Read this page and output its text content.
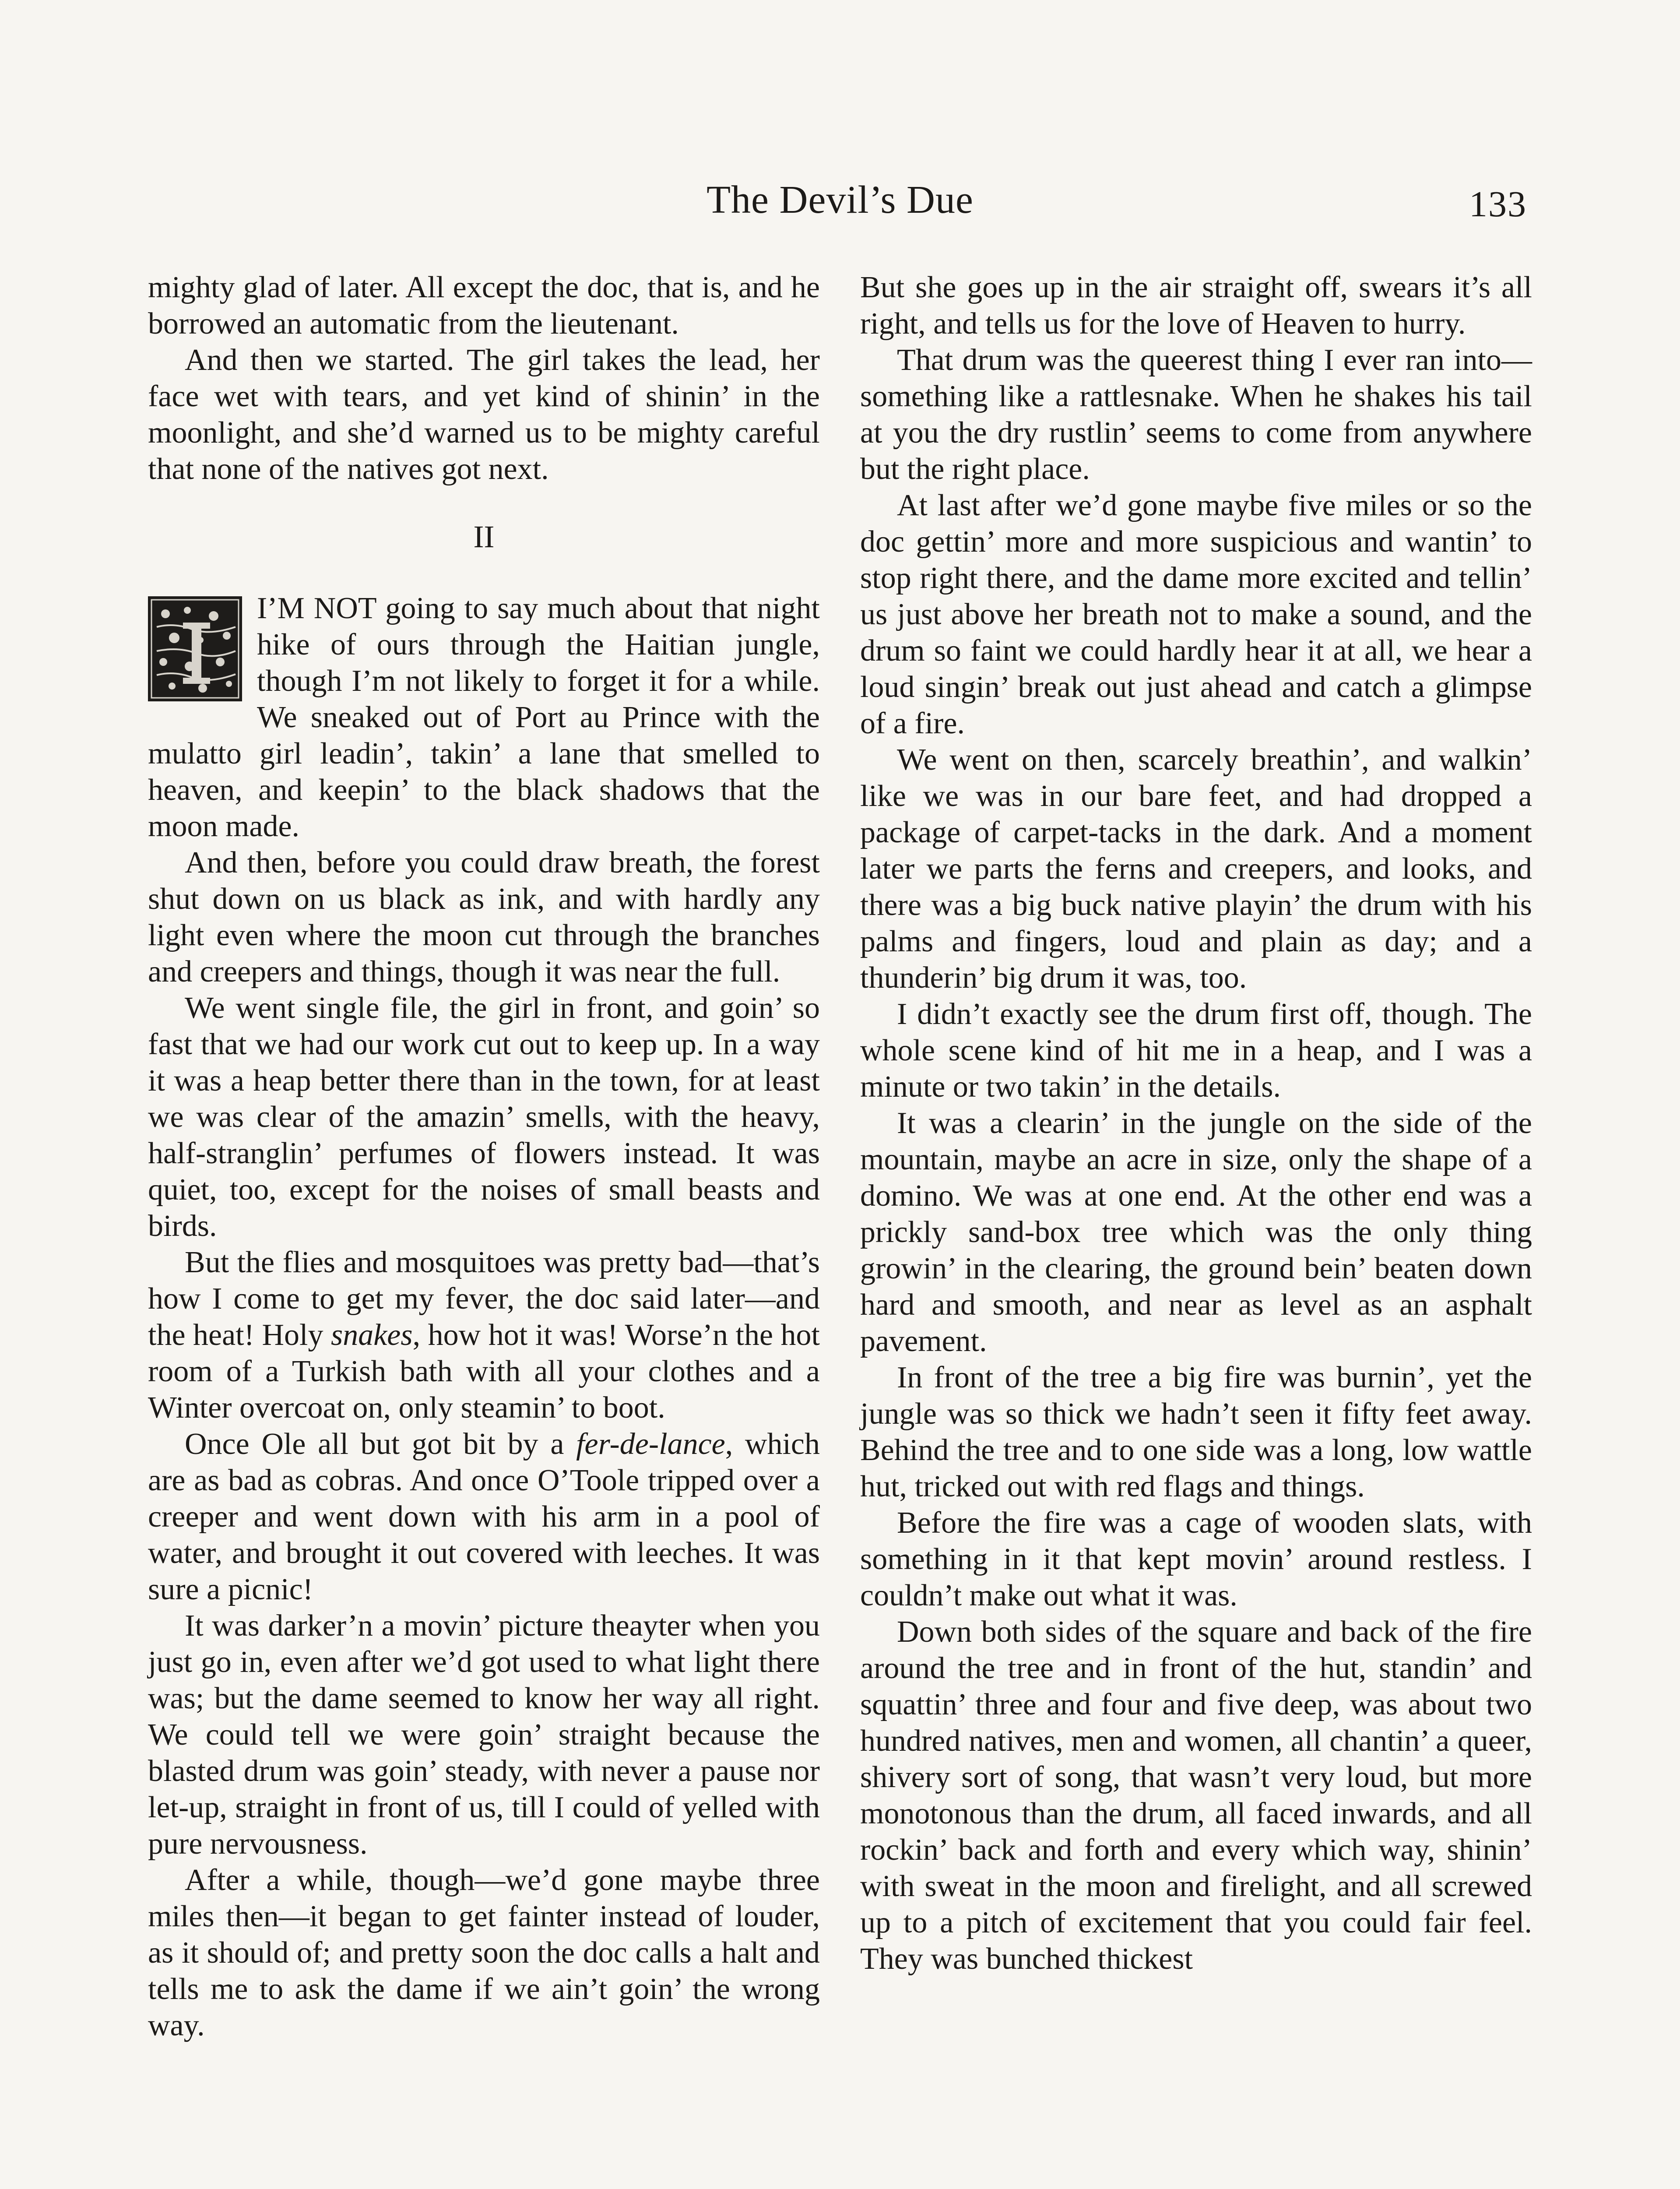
The Devil’s Due	133

mighty glad of later. All except the doc, that is, and he borrowed an automatic from the lieutenant.

And then we started. The girl takes the lead, her face wet with tears, and yet kind of shinin’ in the moonlight, and she’d warned us to be mighty careful that none of the natives got next.

II

I’M NOT going to say much about that night hike of ours through the Haitian jungle, though I’m not likely to forget it for a while. We sneaked out of Port au Prince with the mulatto girl leadin’, takin’ a lane that smelled to heaven, and keepin’ to the black shadows that the moon made.

And then, before you could draw breath, the forest shut down on us black as ink, and with hardly any light even where the moon cut through the branches and creepers and things, though it was near the full.

We went single file, the girl in front, and goin’ so fast that we had our work cut out to keep up. In a way it was a heap better there than in the town, for at least we was clear of the amazin’ smells, with the heavy, half-stranglin’ perfumes of flowers instead. It was quiet, too, except for the noises of small beasts and birds.

But the flies and mosquitoes was pretty bad—that’s how I come to get my fever, the doc said later—and the heat! Holy snakes, how hot it was! Worse’n the hot room of a Turkish bath with all your clothes and a Winter overcoat on, only steamin’ to boot.

Once Ole all but got bit by a fer-de-lance, which are as bad as cobras. And once O’Toole tripped over a creeper and went down with his arm in a pool of water, and brought it out covered with leeches. It was sure a picnic!

It was darker’n a movin’ picture theayter when you just go in, even after we’d got used to what light there was; but the dame seemed to know her way all right. We could tell we were goin’ straight because the blasted drum was goin’ steady, with never a pause nor let-up, straight in front of us, till I could of yelled with pure nervousness.

After a while, though—we’d gone maybe three miles then—it began to get fainter instead of louder, as it should of; and pretty soon the doc calls a halt and tells me to ask the dame if we ain’t goin’ the wrong way.

But she goes up in the air straight off, swears it’s all right, and tells us for the love of Heaven to hurry.

That drum was the queerest thing I ever ran into—something like a rattlesnake. When he shakes his tail at you the dry rustlin’ seems to come from anywhere but the right place.

At last after we’d gone maybe five miles or so the doc gettin’ more and more suspicious and wantin’ to stop right there, and the dame more excited and tellin’ us just above her breath not to make a sound, and the drum so faint we could hardly hear it at all, we hear a loud singin’ break out just ahead and catch a glimpse of a fire.

We went on then, scarcely breathin’, and walkin’ like we was in our bare feet, and had dropped a package of carpet-tacks in the dark. And a moment later we parts the ferns and creepers, and looks, and there was a big buck native playin’ the drum with his palms and fingers, loud and plain as day; and a thunderin’ big drum it was, too.

I didn’t exactly see the drum first off, though. The whole scene kind of hit me in a heap, and I was a minute or two takin’ in the details.

It was a clearin’ in the jungle on the side of the mountain, maybe an acre in size, only the shape of a domino. We was at one end. At the other end was a prickly sand-box tree which was the only thing growin’ in the clearing, the ground bein’ beaten down hard and smooth, and near as level as an asphalt pavement.

In front of the tree a big fire was burnin’, yet the jungle was so thick we hadn’t seen it fifty feet away. Behind the tree and to one side was a long, low wattle hut, tricked out with red flags and things.

Before the fire was a cage of wooden slats, with something in it that kept movin’ around restless. I couldn’t make out what it was.

Down both sides of the square and back of the fire around the tree and in front of the hut, standin’ and squattin’ three and four and five deep, was about two hundred natives, men and women, all chantin’ a queer, shivery sort of song, that wasn’t very loud, but more monotonous than the drum, all faced inwards, and all rockin’ back and forth and every which way, shinin’ with sweat in the moon and firelight, and all screwed up to a pitch of excitement that you could fair feel. They was bunched thickest
